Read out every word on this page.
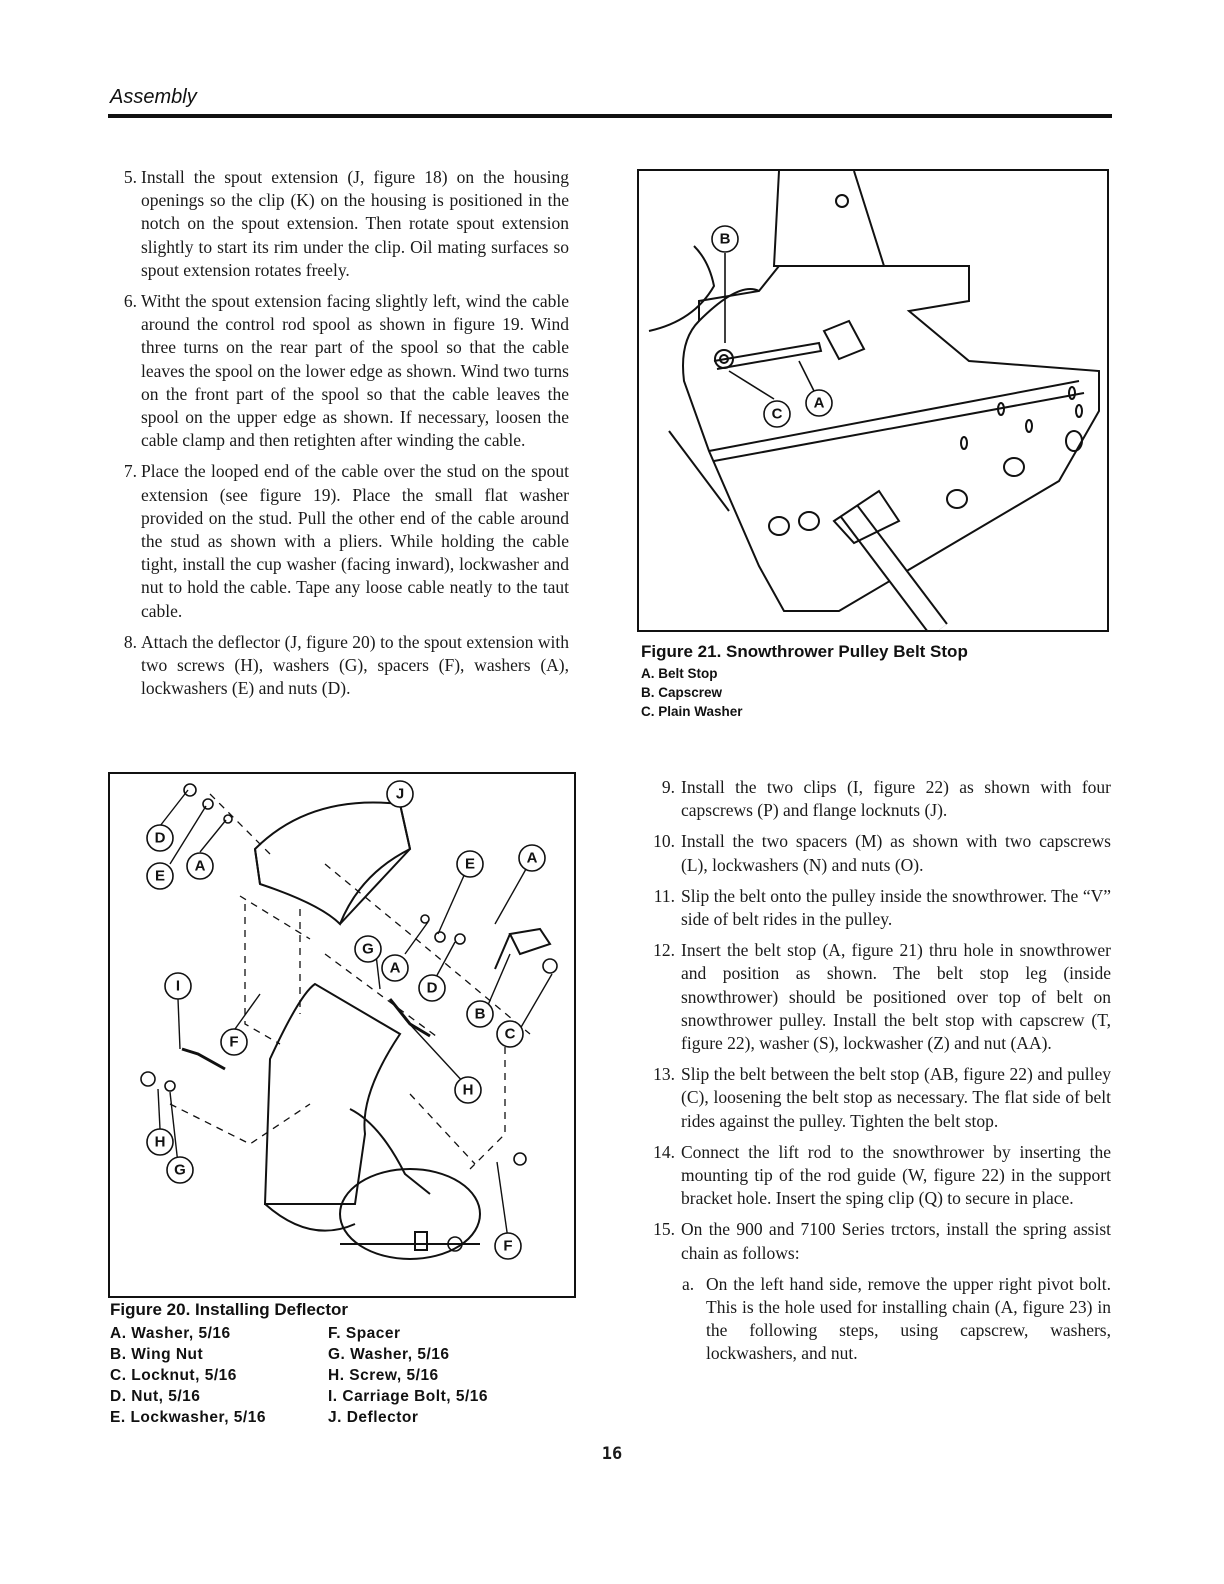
Assembly
5. Install the spout extension (J, figure 18) on the housing openings so the clip (K) on the housing is positioned in the notch on the spout extension. Then rotate spout extension slightly to start its rim under the clip. Oil mating surfaces so spout extension rotates freely.
6. Witht the spout extension facing slightly left, wind the cable around the control rod spool as shown in figure 19. Wind three turns on the rear part of the spool so that the cable leaves the spool on the lower edge as shown. Wind two turns on the front part of the spool so that the cable leaves the spool on the upper edge as shown. If necessary, loosen the cable clamp and then retighten after winding the cable.
7. Place the looped end of the cable over the stud on the spout extension (see figure 19). Place the small flat washer provided on the stud. Pull the other end of the cable around the stud as shown with a pliers. While holding the cable tight, install the cup washer (facing inward), lockwasher and nut to hold the cable. Tape any loose cable neatly to the taut cable.
8. Attach the deflector (J, figure 20) to the spout extension with two screws (H), washers (G), spacers (F), washers (A), lockwashers (E) and nuts (D).
B
C
A
Figure 21. Snowthrower Pulley Belt Stop
A. Belt Stop
B. Capscrew
C. Plain Washer
J
D
E
A	E	A
G
A
D
B
C
I
F
H
H
G
F
Figure 20. Installing Deflector
A. Washer, 5/16	F. Spacer
B. Wing Nut	G. Washer, 5/16
C. Locknut, 5/16	H. Screw, 5/16
D. Nut, 5/16	I. Carriage Bolt, 5/16
E. Lockwasher, 5/16	J. Deflector
9. Install the two clips (I, figure 22) as shown with four capscrews (P) and flange locknuts (J).
10. Install the two spacers (M) as shown with two capscrews (L), lockwashers (N) and nuts (O).
11. Slip the belt onto the pulley inside the snowthrower. The “V” side of belt rides in the pulley.
12. Insert the belt stop (A, figure 21) thru hole in snowthrower and position as shown. The belt stop leg (inside snowthrower) should be positioned over top of belt on snowthrower pulley. Install the belt stop with capscrew (T, figure 22), washer (S), lockwasher (Z) and nut (AA).
13. Slip the belt between the belt stop (AB, figure 22) and pulley (C), loosening the belt stop as necessary. The flat side of belt rides against the pulley. Tighten the belt stop.
14. Connect the lift rod to the snowthrower by inserting the mounting tip of the rod guide (W, figure 22) in the support bracket hole. Insert the sping clip (Q) to secure in place.
15. On the 900 and 7100 Series trctors, install the spring assist chain as follows:
a. On the left hand side, remove the upper right pivot bolt. This is the hole used for installing chain (A, figure 23) in the following steps, using capscrew, washers, lockwashers, and nut.
16
